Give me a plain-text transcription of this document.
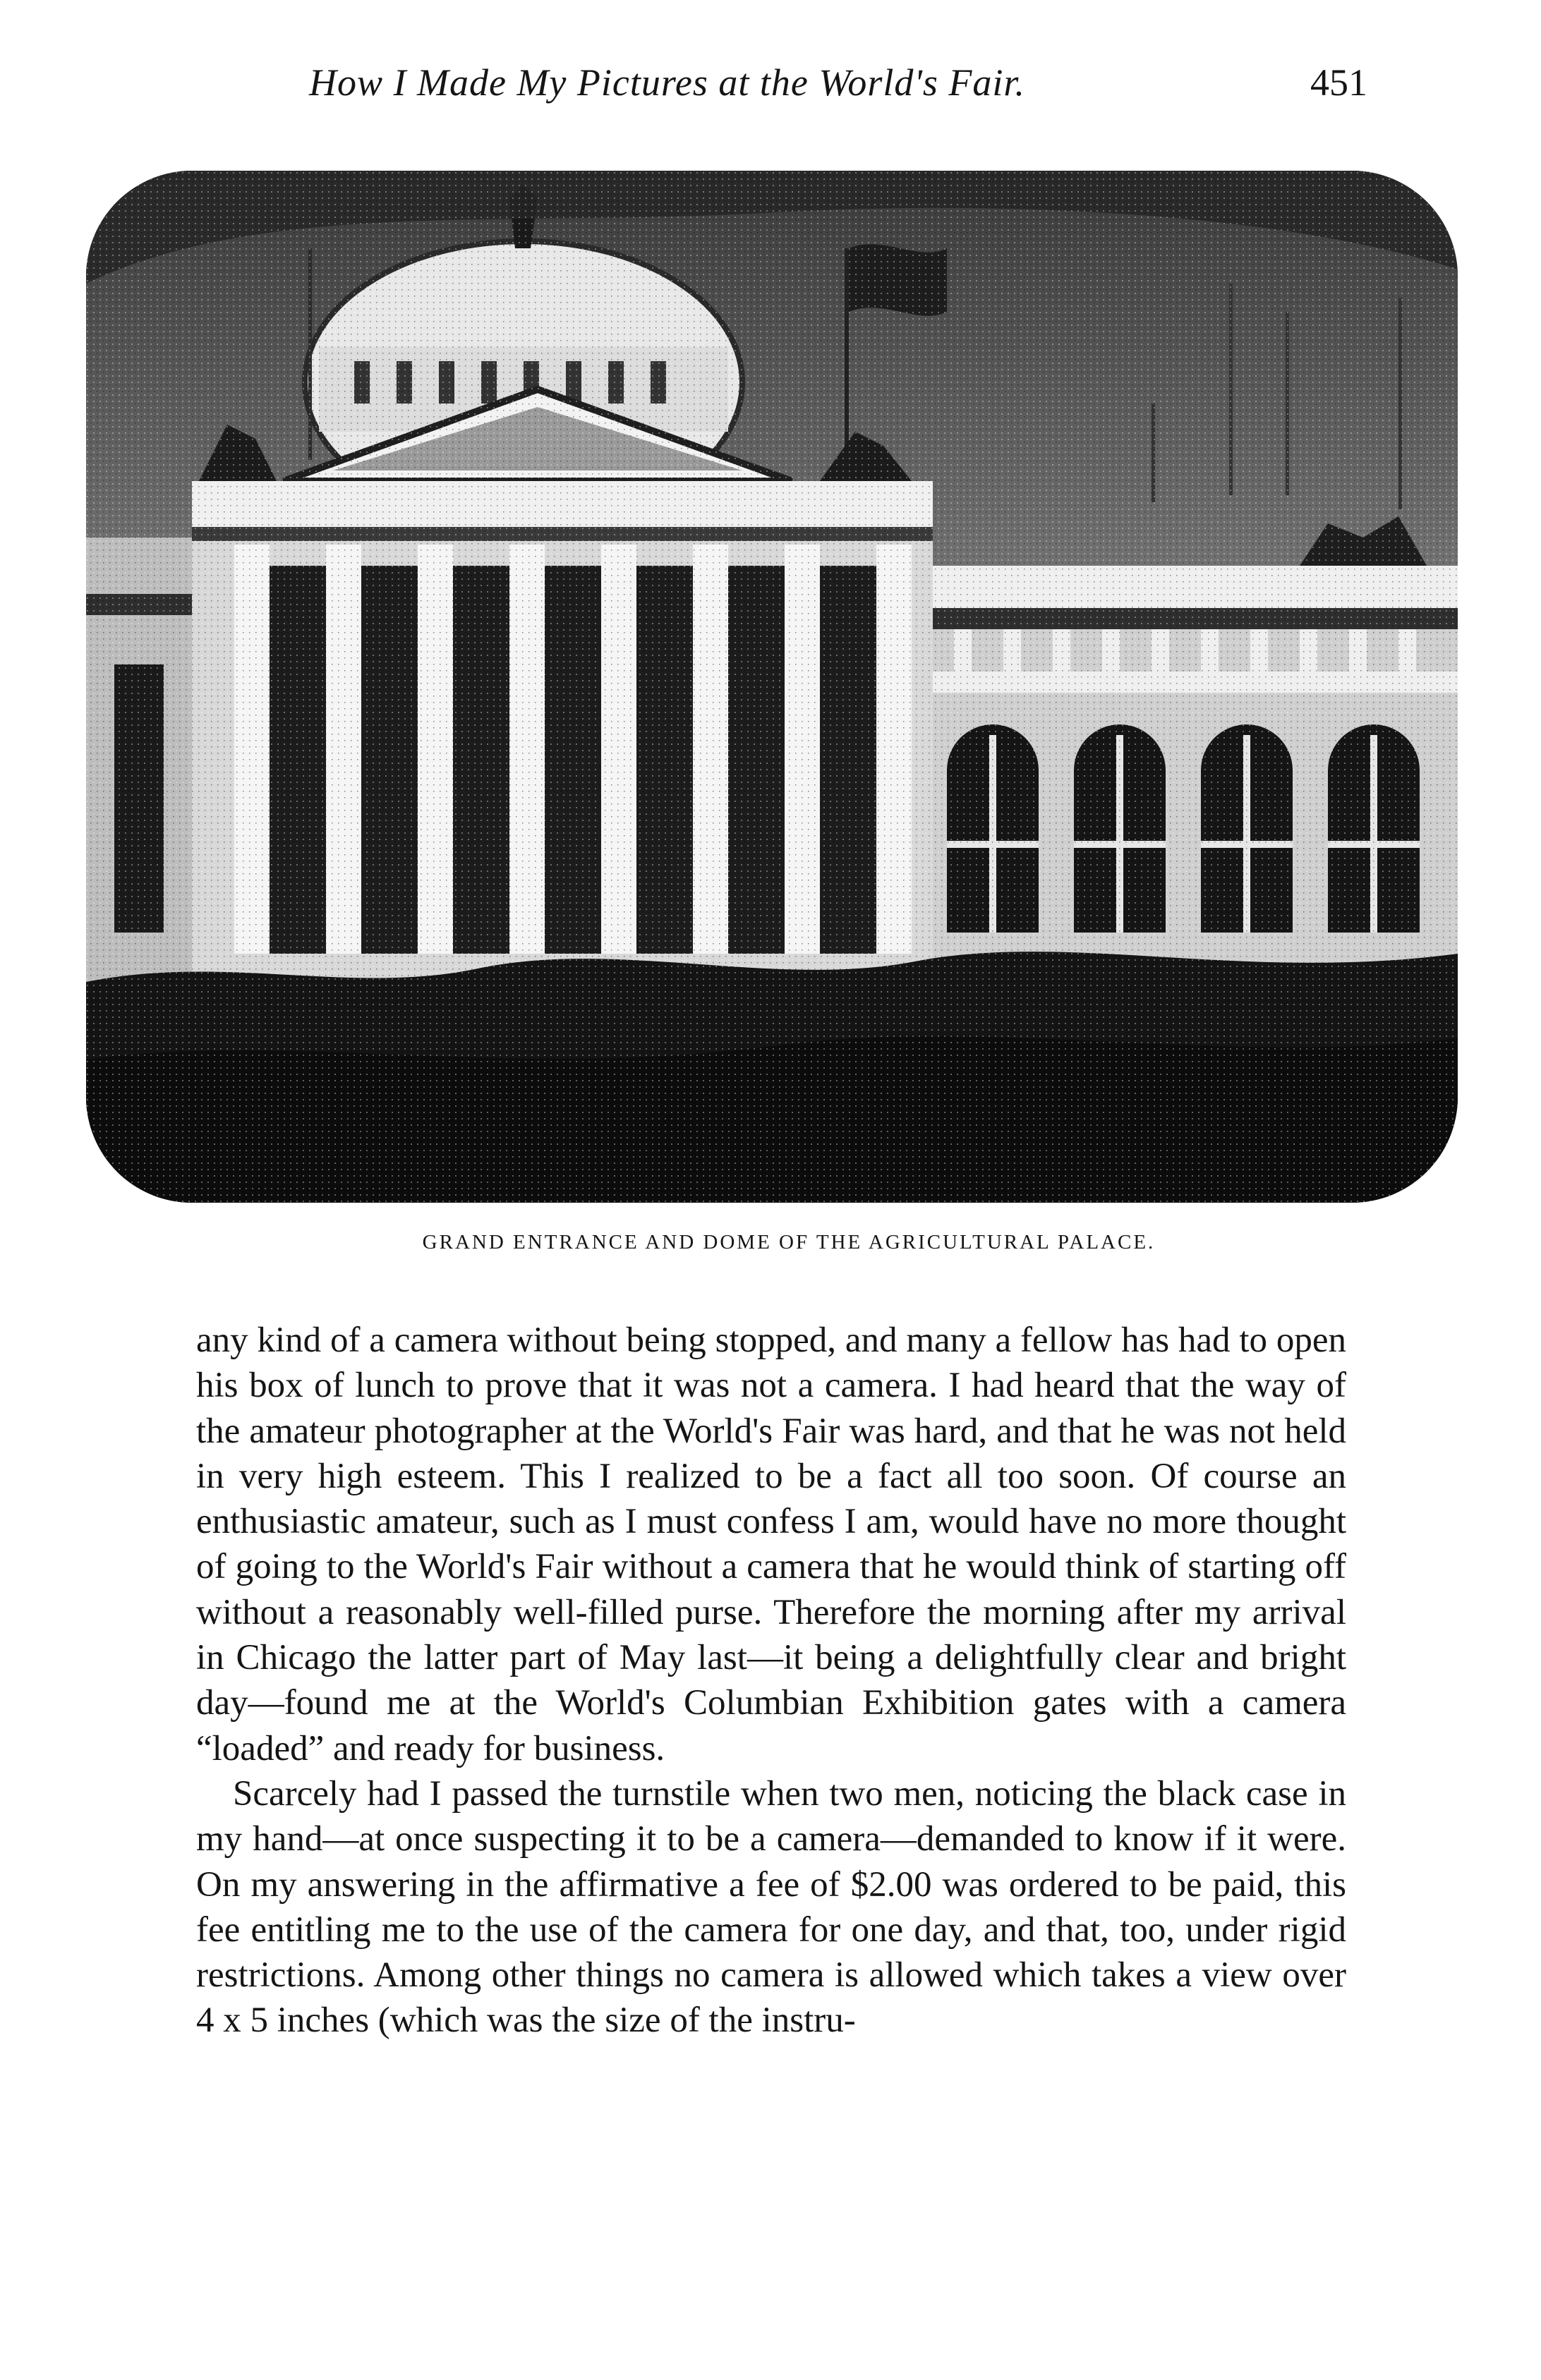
How I Made My Pictures at the World's Fair.	451
GRAND ENTRANCE AND DOME OF THE AGRICULTURAL PALACE.

any kind of a camera without being stopped, and many a fellow has had to open his box of lunch to prove that it was not a camera. I had heard that the way of the amateur photographer at the World's Fair was hard, and that he was not held in very high esteem. This I realized to be a fact all too soon. Of course an enthusiastic amateur, such as I must confess I am, would have no more thought of going to the World's Fair without a camera that he would think of starting off without a reasonably well-filled purse. Therefore the morning after my arrival in Chicago the latter part of May last—it being a delightfully clear and bright day—found me at the World's Columbian Exhibition gates with a camera “loaded” and ready for business.

Scarcely had I passed the turnstile when two men, noticing the black case in my hand—at once suspecting it to be a camera—demanded to know if it were. On my answering in the affirmative a fee of $2.00 was ordered to be paid, this fee entitling me to the use of the camera for one day, and that, too, under rigid restrictions. Among other things no camera is allowed which takes a view over 4 x 5 inches (which was the size of the instru-
